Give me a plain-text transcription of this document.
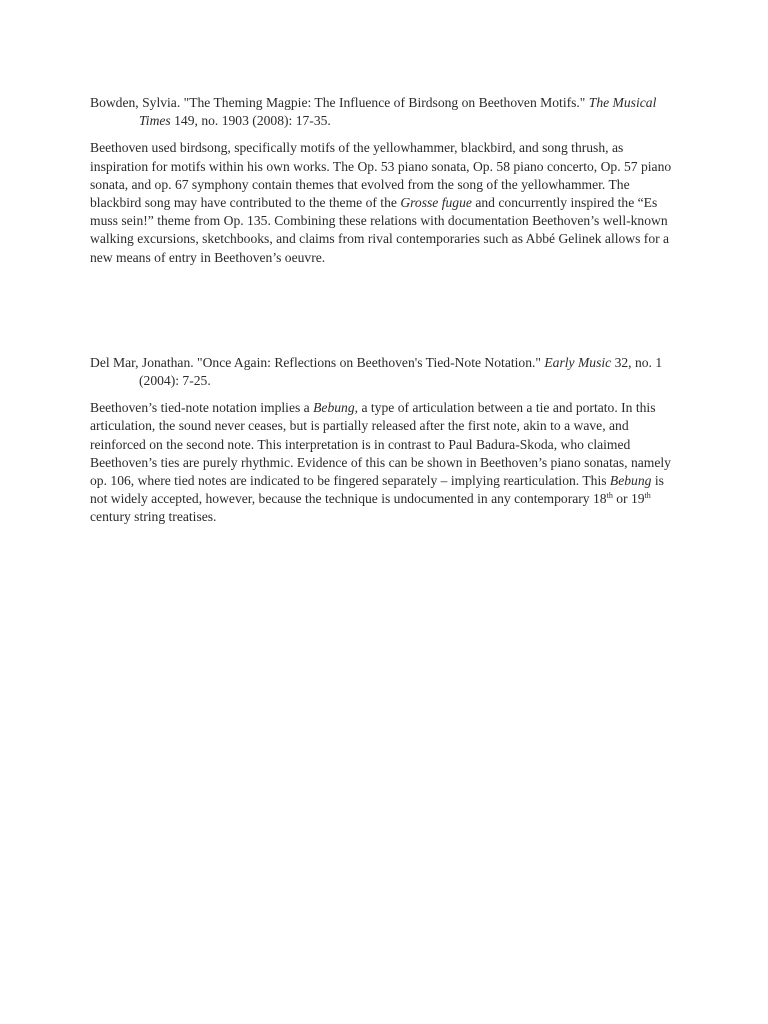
Bowden, Sylvia. "The Theming Magpie: The Influence of Birdsong on Beethoven Motifs." The Musical Times 149, no. 1903 (2008): 17-35.

Beethoven used birdsong, specifically motifs of the yellowhammer, blackbird, and song thrush, as inspiration for motifs within his own works. The Op. 53 piano sonata, Op. 58 piano concerto, Op. 57 piano sonata, and op. 67 symphony contain themes that evolved from the song of the yellowhammer. The blackbird song may have contributed to the theme of the Grosse fugue and concurrently inspired the “Es muss sein!” theme from Op. 135. Combining these relations with documentation Beethoven’s well-known walking excursions, sketchbooks, and claims from rival contemporaries such as Abbé Gelinek allows for a new means of entry in Beethoven’s oeuvre.

Del Mar, Jonathan. "Once Again: Reflections on Beethoven's Tied-Note Notation." Early Music 32, no. 1 (2004): 7-25.

Beethoven’s tied-note notation implies a Bebung, a type of articulation between a tie and portato. In this articulation, the sound never ceases, but is partially released after the first note, akin to a wave, and reinforced on the second note. This interpretation is in contrast to Paul Badura-Skoda, who claimed Beethoven’s ties are purely rhythmic. Evidence of this can be shown in Beethoven’s piano sonatas, namely op. 106, where tied notes are indicated to be fingered separately – implying rearticulation. This Bebung is not widely accepted, however, because the technique is undocumented in any contemporary 18th or 19th century string treatises.
